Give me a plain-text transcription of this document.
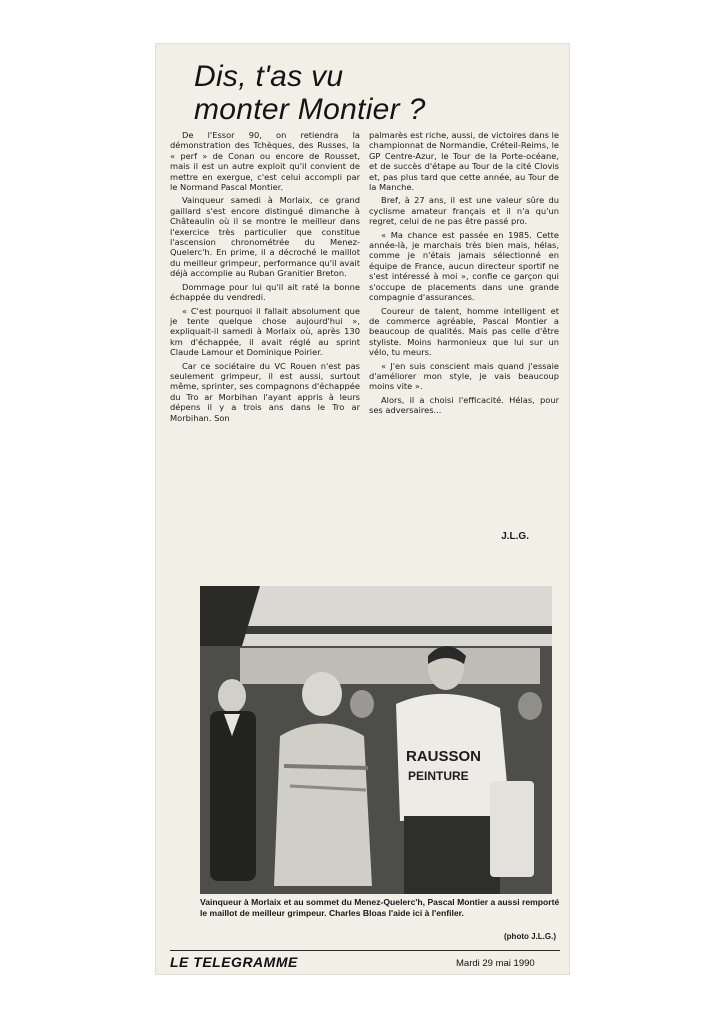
Dis, t'as vu
monter Montier ?

De l'Essor 90, on retiendra la démonstration des Tchèques, des Russes, la « perf » de Conan ou encore de Rousset, mais il est un autre exploit qu'il convient de mettre en exergue, c'est celui accompli par le Normand Pascal Montier.

Vainqueur samedi à Morlaix, ce grand gaillard s'est encore distingué dimanche à Châteaulin où il se montre le meilleur dans l'exercice très particulier que constitue l'ascension chronométrée du Menez-Quelerc'h. En prime, il a décroché le maillot du meilleur grimpeur, performance qu'il avait déjà accomplie au Ruban Granitier Breton.

Dommage pour lui qu'il ait raté la bonne échappée du vendredi.

« C'est pourquoi il fallait absolument que je tente quelque chose aujourd'hui », expliquait-il samedi à Morlaix où, après 130 km d'échappée, il avait réglé au sprint Claude Lamour et Dominique Poirier.

Car ce sociétaire du VC Rouen n'est pas seulement grimpeur, il est aussi, surtout même, sprinter, ses compagnons d'échappée du Tro ar Morbihan l'ayant appris à leurs dépens il y a trois ans dans le Tro ar Morbihan. Son

palmarès est riche, aussi, de victoires dans le championnat de Normandie, Créteil-Reims, le GP Centre-Azur, le Tour de la Porte-océane, et de succès d'étape au Tour de la cité Clovis et, pas plus tard que cette année, au Tour de la Manche.

Bref, à 27 ans, il est une valeur sûre du cyclisme amateur français et il n'a qu'un regret, celui de ne pas être passé pro.

« Ma chance est passée en 1985. Cette année-là, je marchais très bien mais, hélas, comme je n'étais jamais sélectionné en équipe de France, aucun directeur sportif ne s'est intéressé à moi », confie ce garçon qui s'occupe de placements dans une grande compagnie d'assurances.

Coureur de talent, homme intelligent et de commerce agréable, Pascal Montier a beaucoup de qualités. Mais pas celle d'être styliste. Moins harmonieux que lui sur un vélo, tu meurs.

« J'en suis conscient mais quand j'essaie d'améliorer mon style, je vais beaucoup moins vite ».

Alors, il a choisi l'efficacité. Hélas, pour ses adversaires...

J.L.G.
RAUSSON
PEINTURE

Vainqueur à Morlaix et au sommet du Menez-Quelerc'h, Pascal Montier a aussi remporté le maillot de meilleur grimpeur. Charles Bloas l'aide ici à l'enfiler.

(photo J.L.G.)
LE TELEGRAMME	Mardi 29 mai 1990
